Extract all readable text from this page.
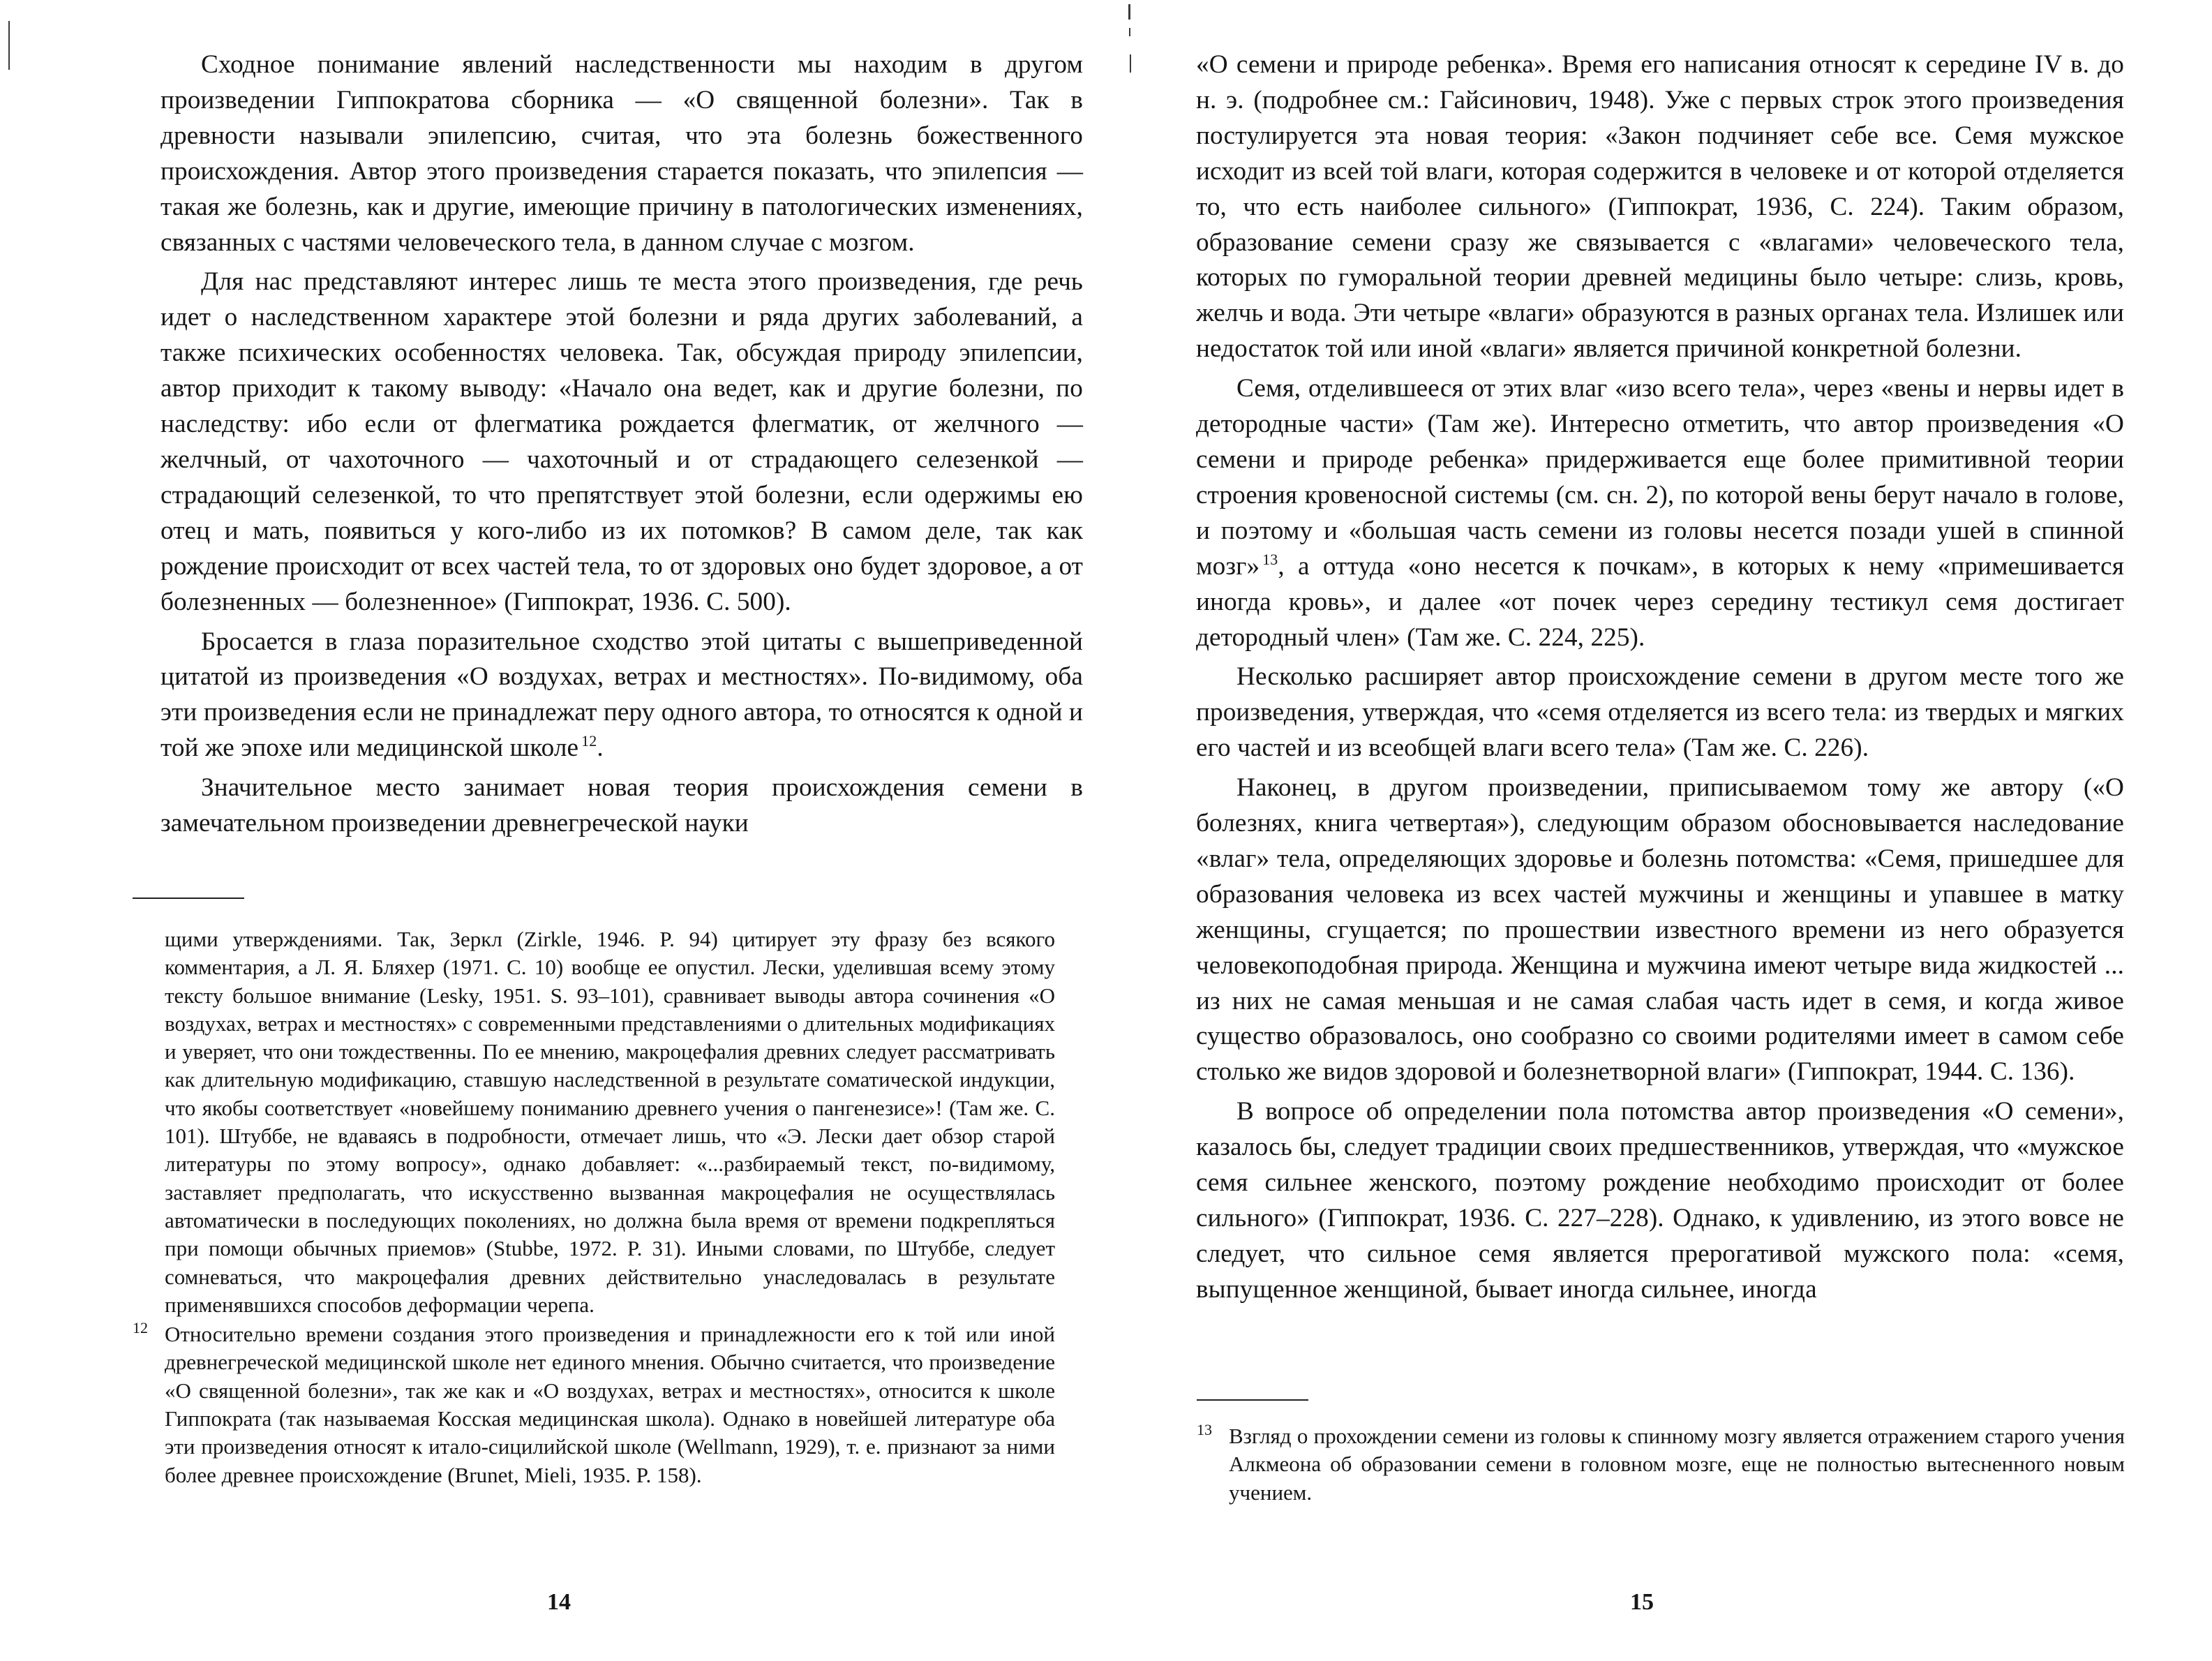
Сходное понимание явлений наследственности мы находим в другом произведении Гиппократова сборника — «О священной болезни». Так в древности называли эпилепсию, считая, что эта болезнь божественного происхождения. Автор этого произведения старается показать, что эпилепсия — такая же болезнь, как и другие, имеющие причину в патологических изменениях, связанных с частями человеческого тела, в данном случае с мозгом.

Для нас представляют интерес лишь те места этого произведения, где речь идет о наследственном характере этой болезни и ряда других заболеваний, а также психических особенностях человека. Так, обсуждая природу эпилепсии, автор приходит к такому выводу: «Начало она ведет, как и другие болезни, по наследству: ибо если от флегматика рождается флегматик, от желчного — желчный, от чахоточного — чахоточный и от страдающего селезенкой — страдающий селезенкой, то что препятствует этой болезни, если одержимы ею отец и мать, появиться у кого-либо из их потомков? В самом деле, так как рождение происходит от всех частей тела, то от здоровых оно будет здоровое, а от болезненных — болезненное» (Гиппократ, 1936. С. 500).

Бросается в глаза поразительное сходство этой цитаты с вышеприведенной цитатой из произведения «О воздухах, ветрах и местностях». По-видимому, оба эти произведения если не принадлежат перу одного автора, то относятся к одной и той же эпохе или медицинской школе $^{12}$.

Значительное место занимает новая теория происхождения семени в замечательном произведении древнегреческой науки

щими утверждениями. Так, Зеркл (Zirkle, 1946. P. 94) цитирует эту фразу без всякого комментария, а Л. Я. Бляхер (1971. С. 10) вообще ее опустил. Лески, уделившая всему этому тексту большое внимание (Lesky, 1951. S. 93–101), сравнивает выводы автора сочинения «О воздухах, ветрах и местностях» с современными представлениями о длительных модификациях и уверяет, что они тождественны. По ее мнению, макроцефалия древних следует рассматривать как длительную модификацию, ставшую наследственной в результате соматической индукции, что якобы соответствует «новейшему пониманию древнего учения о пангенезисе»! (Там же. С. 101). Штуббе, не вдаваясь в подробности, отмечает лишь, что «Э. Лески дает обзор старой литературы по этому вопросу», однако добавляет: «...разбираемый текст, по-видимому, заставляет предполагать, что искусственно вызванная макроцефалия не осуществлялась автоматически в последующих поколениях, но должна была время от времени подкрепляться при помощи обычных приемов» (Stubbe, 1972. P. 31). Иными словами, по Штуббе, следует сомневаться, что макроцефалия древних действительно унаследовалась в результате применявшихся способов деформации черепа.
12 Относительно времени создания этого произведения и принадлежности его к той или иной древнегреческой медицинской школе нет единого мнения. Обычно считается, что произведение «О священной болезни», так же как и «О воздухах, ветрах и местностях», относится к школе Гиппократа (так называемая Косская медицинская школа). Однако в новейшей литературе оба эти произведения относят к итало-сицилийской школе (Wellmann, 1929), т. е. признают за ними более древнее происхождение (Brunet, Mieli, 1935. P. 158).
14

«О семени и природе ребенка». Время его написания относят к середине IV в. до н. э. (подробнее см.: Гайсинович, 1948). Уже с первых строк этого произведения постулируется эта новая теория: «Закон подчиняет себе все. Семя мужское исходит из всей той влаги, которая содержится в человеке и от которой отделяется то, что есть наиболее сильного» (Гиппократ, 1936, С. 224). Таким образом, образование семени сразу же связывается с «влагами» человеческого тела, которых по гуморальной теории древней медицины было четыре: слизь, кровь, желчь и вода. Эти четыре «влаги» образуются в разных органах тела. Излишек или недостаток той или иной «влаги» является причиной конкретной болезни.

Семя, отделившееся от этих влаг «изо всего тела», через «вены и нервы идет в детородные части» (Там же). Интересно отметить, что автор произведения «О семени и природе ребенка» придерживается еще более примитивной теории строения кровеносной системы (см. сн. 2), по которой вены берут начало в голове, и поэтому и «большая часть семени из головы несется позади ушей в спинной мозг» $^{13}$, а оттуда «оно несется к почкам», в которых к нему «примешивается иногда кровь», и далее «от почек через середину тестикул семя достигает детородный член» (Там же. С. 224, 225).

Несколько расширяет автор происхождение семени в другом месте того же произведения, утверждая, что «семя отделяется из всего тела: из твердых и мягких его частей и из всеобщей влаги всего тела» (Там же. С. 226).

Наконец, в другом произведении, приписываемом тому же автору («О болезнях, книга четвертая»), следующим образом обосновывается наследование «влаг» тела, определяющих здоровье и болезнь потомства: «Семя, пришедшее для образования человека из всех частей мужчины и женщины и упавшее в матку женщины, сгущается; по прошествии известного времени из него образуется человекоподобная природа. Женщина и мужчина имеют четыре вида жидкостей ... из них не самая меньшая и не самая слабая часть идет в семя, и когда живое существо образовалось, оно сообразно со своими родителями имеет в самом себе столько же видов здоровой и болезнетворной влаги» (Гиппократ, 1944. С. 136).

В вопросе об определении пола потомства автор произведения «О семени», казалось бы, следует традиции своих предшественников, утверждая, что «мужское семя сильнее женского, поэтому рождение необходимо происходит от более сильного» (Гиппократ, 1936. С. 227–228). Однако, к удивлению, из этого вовсе не следует, что сильное семя является прерогативой мужского пола: «семя, выпущенное женщиной, бывает иногда сильнее, иногда

13 Взгляд о прохождении семени из головы к спинному мозгу является отражением старого учения Алкмеона об образовании семени в головном мозге, еще не полностью вытесненного новым учением.
15
